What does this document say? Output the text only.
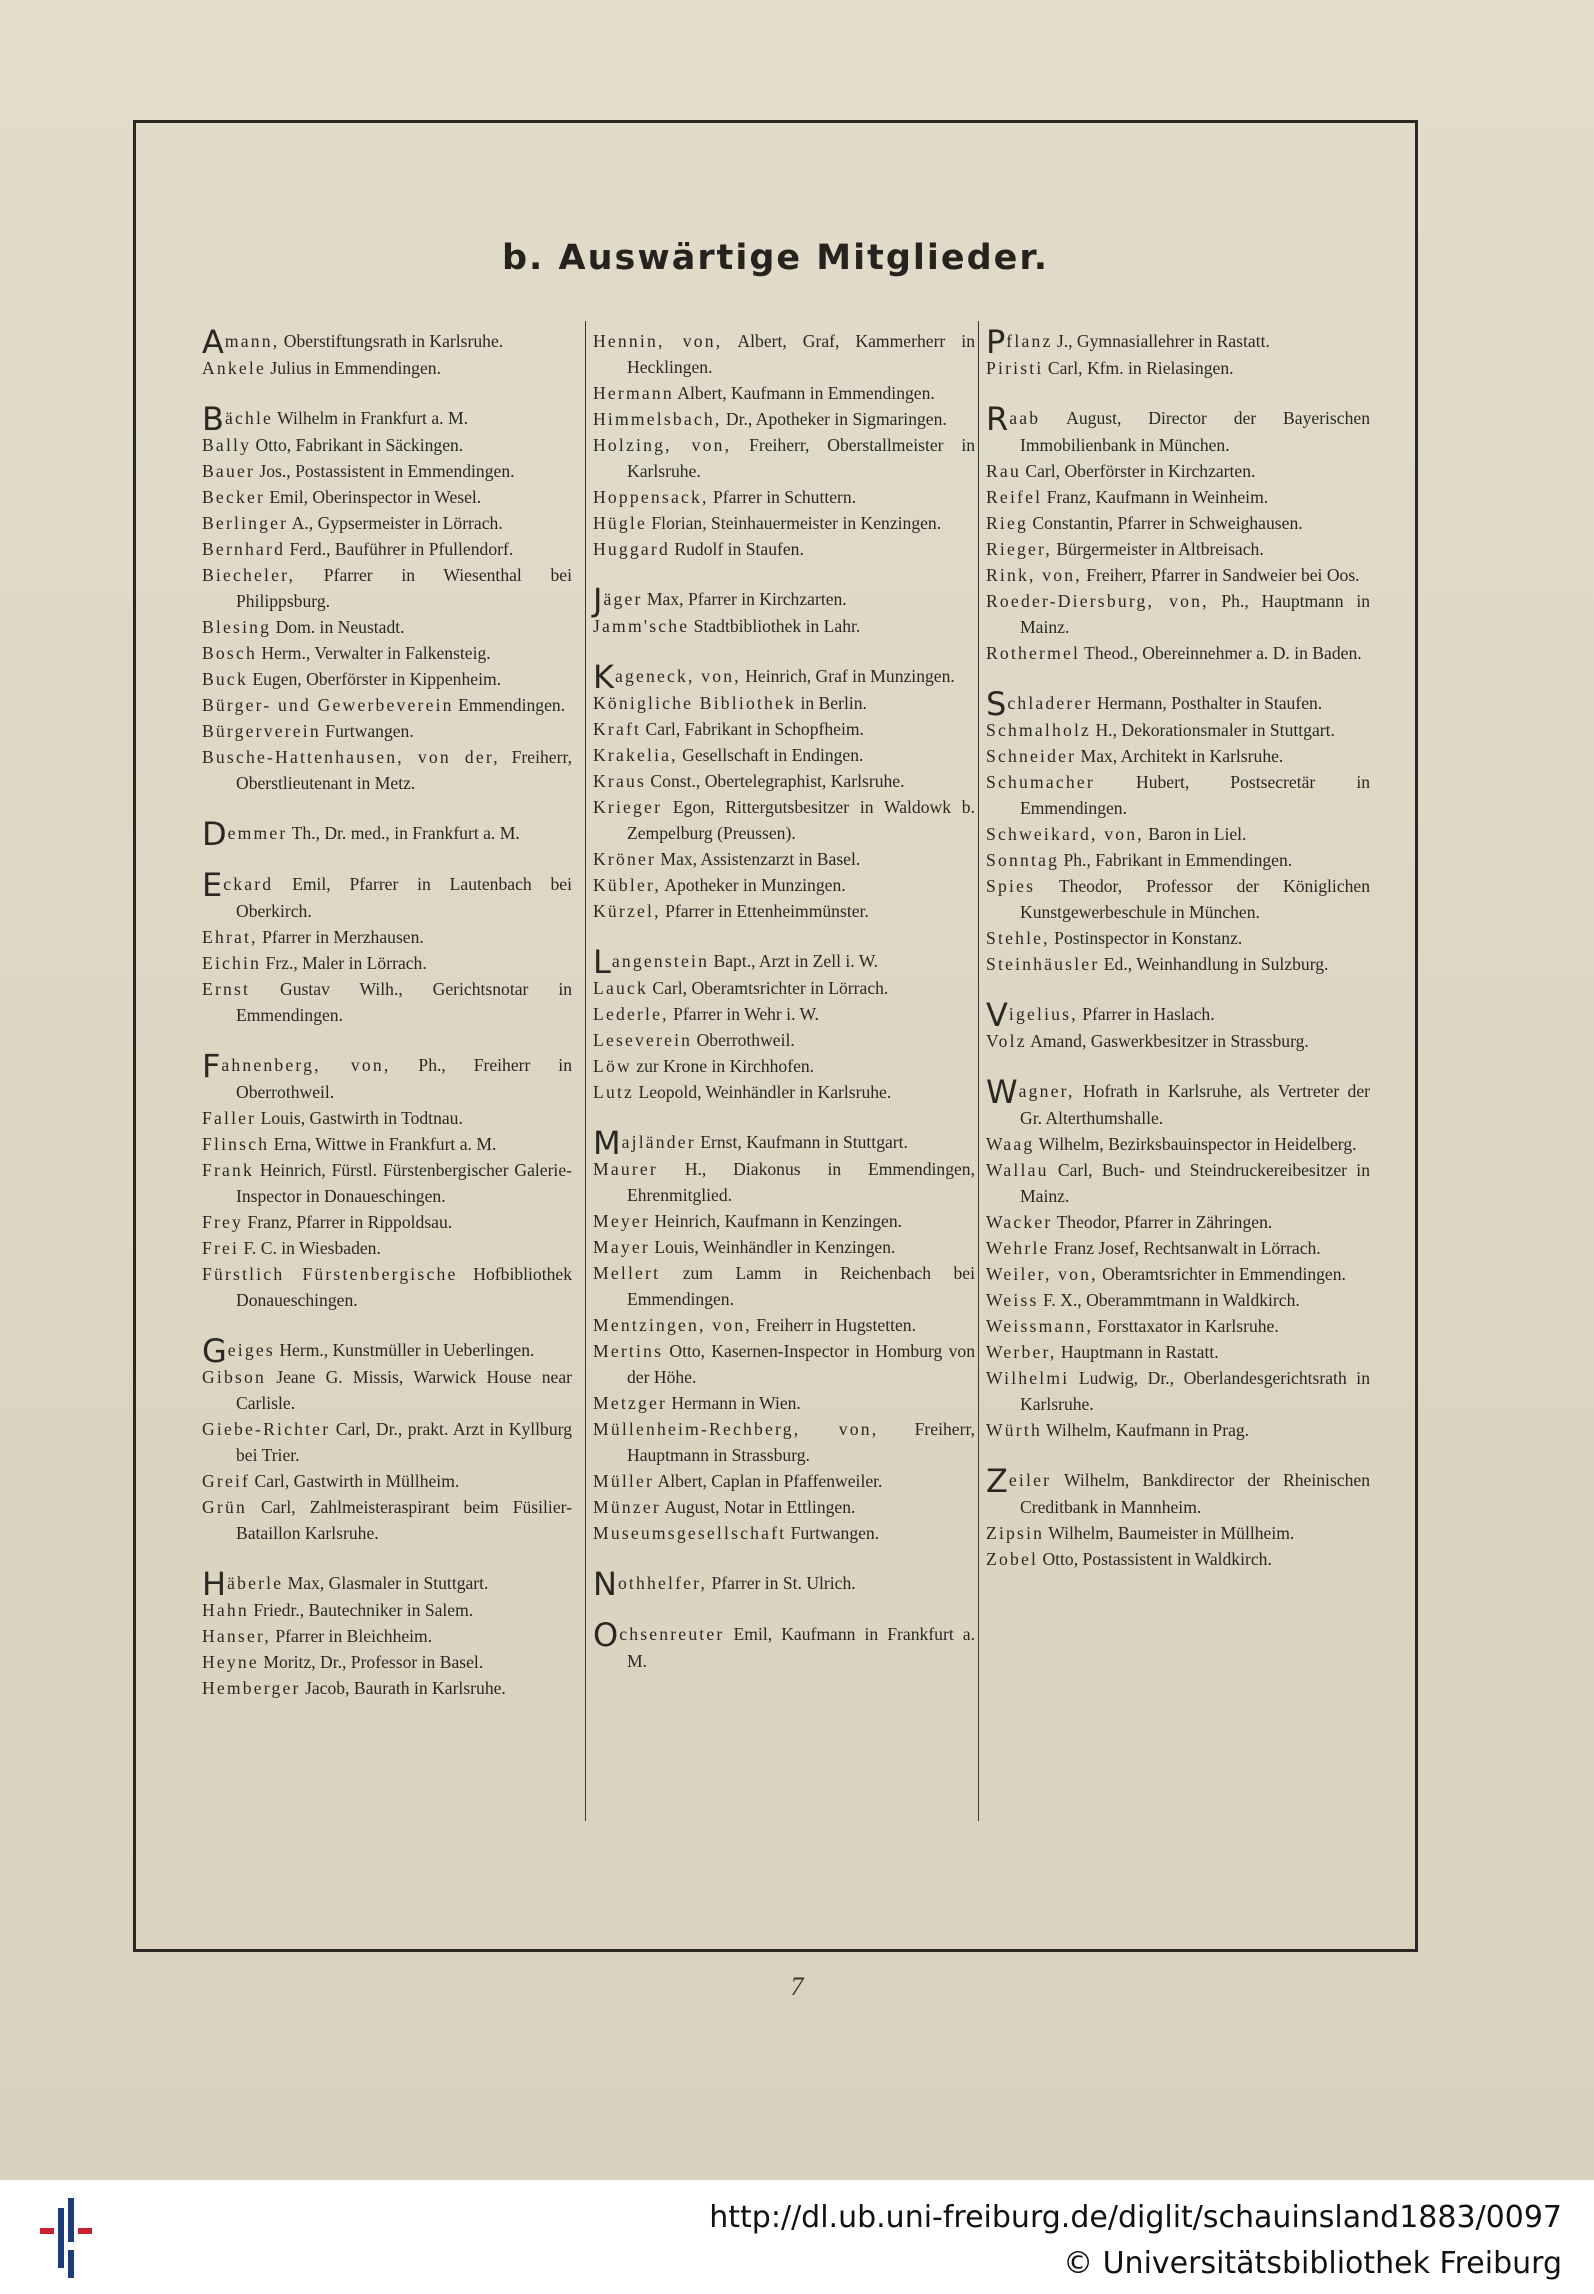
b. Auswärtige Mitglieder.
Amann, Oberstiftungsrath in Karlsruhe.
Ankele Julius in Emmendingen.
Bächle Wilhelm in Frankfurt a. M.
Bally Otto, Fabrikant in Säckingen.
Bauer Jos., Postassistent in Emmendingen.
Becker Emil, Oberinspector in Wesel.
Berlinger A., Gypsermeister in Lörrach.
Bernhard Ferd., Bauführer in Pfullendorf.
Biecheler, Pfarrer in Wiesenthal bei Philippsburg.
Blesing Dom. in Neustadt.
Bosch Herm., Verwalter in Falkensteig.
Buck Eugen, Oberförster in Kippenheim.
Bürger- und Gewerbeverein Emmendingen.
Bürgerverein Furtwangen.
Busche-Hattenhausen, von der, Freiherr, Oberstlieutenant in Metz.
Demmer Th., Dr. med., in Frankfurt a. M.
Eckard Emil, Pfarrer in Lautenbach bei Oberkirch.
Ehrat, Pfarrer in Merzhausen.
Eichin Frz., Maler in Lörrach.
Ernst Gustav Wilh., Gerichtsnotar in Emmendingen.
Fahnenberg, von, Ph., Freiherr in Oberrothweil.
Faller Louis, Gastwirth in Todtnau.
Flinsch Erna, Wittwe in Frankfurt a. M.
Frank Heinrich, Fürstl. Fürstenbergischer Galerie-Inspector in Donaueschingen.
Frey Franz, Pfarrer in Rippoldsau.
Frei F. C. in Wiesbaden.
Fürstlich Fürstenbergische Hofbibliothek Donaueschingen.
Geiges Herm., Kunstmüller in Ueberlingen.
Gibson Jeane G. Missis, Warwick House near Carlisle.
Giebe-Richter Carl, Dr., prakt. Arzt in Kyllburg bei Trier.
Greif Carl, Gastwirth in Müllheim.
Grün Carl, Zahlmeisteraspirant beim Füsilier-Bataillon Karlsruhe.
Häberle Max, Glasmaler in Stuttgart.
Hahn Friedr., Bautechniker in Salem.
Hanser, Pfarrer in Bleichheim.
Heyne Moritz, Dr., Professor in Basel.
Hemberger Jacob, Baurath in Karlsruhe.
Hennin, von, Albert, Graf, Kammerherr in Hecklingen.
Hermann Albert, Kaufmann in Emmendingen.
Himmelsbach, Dr., Apotheker in Sigmaringen.
Holzing, von, Freiherr, Oberstallmeister in Karlsruhe.
Hoppensack, Pfarrer in Schuttern.
Hügle Florian, Steinhauermeister in Kenzingen.
Huggard Rudolf in Staufen.
Jäger Max, Pfarrer in Kirchzarten.
Jamm'sche Stadtbibliothek in Lahr.
Kageneck, von, Heinrich, Graf in Munzingen.
Königliche Bibliothek in Berlin.
Kraft Carl, Fabrikant in Schopfheim.
Krakelia, Gesellschaft in Endingen.
Kraus Const., Obertelegraphist, Karlsruhe.
Krieger Egon, Rittergutsbesitzer in Waldowk b. Zempelburg (Preussen).
Kröner Max, Assistenzarzt in Basel.
Kübler, Apotheker in Munzingen.
Kürzel, Pfarrer in Ettenheimmünster.
Langenstein Bapt., Arzt in Zell i. W.
Lauck Carl, Oberamtsrichter in Lörrach.
Lederle, Pfarrer in Wehr i. W.
Leseverein Oberrothweil.
Löw zur Krone in Kirchhofen.
Lutz Leopold, Weinhändler in Karlsruhe.
Majländer Ernst, Kaufmann in Stuttgart.
Maurer H., Diakonus in Emmendingen, Ehrenmitglied.
Meyer Heinrich, Kaufmann in Kenzingen.
Mayer Louis, Weinhändler in Kenzingen.
Mellert zum Lamm in Reichenbach bei Emmendingen.
Mentzingen, von, Freiherr in Hugstetten.
Mertins Otto, Kasernen-Inspector in Homburg von der Höhe.
Metzger Hermann in Wien.
Müllenheim-Rechberg, von, Freiherr, Hauptmann in Strassburg.
Müller Albert, Caplan in Pfaffenweiler.
Münzer August, Notar in Ettlingen.
Museumsgesellschaft Furtwangen.
Nothhelfer, Pfarrer in St. Ulrich.
Ochsenreuter Emil, Kaufmann in Frankfurt a. M.
Pflanz J., Gymnasiallehrer in Rastatt.
Piristi Carl, Kfm. in Rielasingen.
Raab August, Director der Bayerischen Immobilienbank in München.
Rau Carl, Oberförster in Kirchzarten.
Reifel Franz, Kaufmann in Weinheim.
Rieg Constantin, Pfarrer in Schweighausen.
Rieger, Bürgermeister in Altbreisach.
Rink, von, Freiherr, Pfarrer in Sandweier bei Oos.
Roeder-Diersburg, von, Ph., Hauptmann in Mainz.
Rothermel Theod., Obereinnehmer a. D. in Baden.
Schladerer Hermann, Posthalter in Staufen.
Schmalholz H., Dekorationsmaler in Stuttgart.
Schneider Max, Architekt in Karlsruhe.
Schumacher Hubert, Postsecretär in Emmendingen.
Schweikard, von, Baron in Liel.
Sonntag Ph., Fabrikant in Emmendingen.
Spies Theodor, Professor der Königlichen Kunstgewerbeschule in München.
Stehle, Postinspector in Konstanz.
Steinhäusler Ed., Weinhandlung in Sulzburg.
Vigelius, Pfarrer in Haslach.
Volz Amand, Gaswerkbesitzer in Strassburg.
Wagner, Hofrath in Karlsruhe, als Vertreter der Gr. Alterthumshalle.
Waag Wilhelm, Bezirksbauinspector in Heidelberg.
Wallau Carl, Buch- und Steindruckereibesitzer in Mainz.
Wacker Theodor, Pfarrer in Zähringen.
Wehrle Franz Josef, Rechtsanwalt in Lörrach.
Weiler, von, Oberamtsrichter in Emmendingen.
Weiss F. X., Oberammtmann in Waldkirch.
Weissmann, Forsttaxator in Karlsruhe.
Werber, Hauptmann in Rastatt.
Wilhelmi Ludwig, Dr., Oberlandesgerichtsrath in Karlsruhe.
Würth Wilhelm, Kaufmann in Prag.
Zeiler Wilhelm, Bankdirector der Rheinischen Creditbank in Mannheim.
Zipsin Wilhelm, Baumeister in Müllheim.
Zobel Otto, Postassistent in Waldkirch.
7
http://dl.ub.uni-freiburg.de/diglit/schauinsland1883/0097
© Universitätsbibliothek Freiburg
